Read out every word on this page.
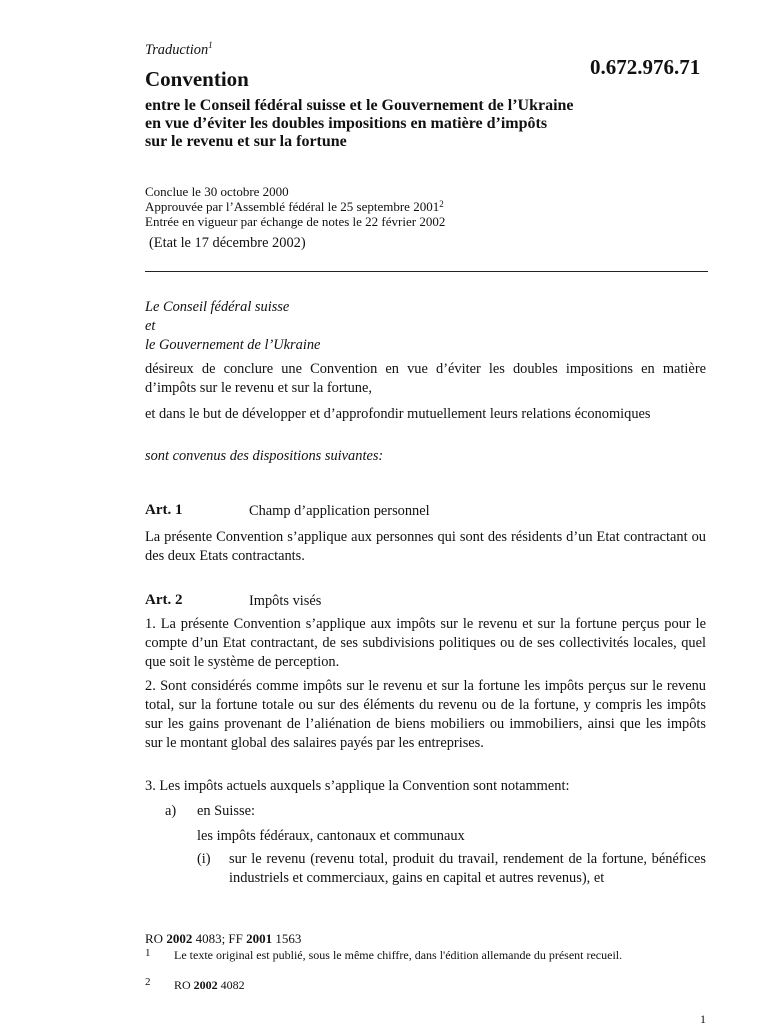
Traduction$^1$
0.672.976.71
Convention
entre le Conseil fédéral suisse et le Gouvernement de l’Ukraine
en vue d’éviter les doubles impositions en matière d’impôts
sur le revenu et sur la fortune
Conclue le 30 octobre 2000
Approuvée par l’Assemblé fédéral le 25 septembre 2001$^2$
Entrée en vigueur par échange de notes le 22 février 2002
(Etat le 17 décembre 2002)
Le Conseil fédéral suisse
et
le Gouvernement de l’Ukraine
désireux de conclure une Convention en vue d’éviter les doubles impositions en matière d’impôts sur le revenu et sur la fortune,
et dans le but de développer et d’approfondir mutuellement leurs relations économiques
sont convenus des dispositions suivantes:
Art. 1	Champ d’application personnel
La présente Convention s’applique aux personnes qui sont des résidents d’un Etat contractant ou des deux Etats contractants.
Art. 2	Impôts visés
1. La présente Convention s’applique aux impôts sur le revenu et sur la fortune perçus pour le compte d’un Etat contractant, de ses subdivisions politiques ou de ses collectivités locales, quel que soit le système de perception.
2. Sont considérés comme impôts sur le revenu et sur la fortune les impôts perçus sur le revenu total, sur la fortune totale ou sur des éléments du revenu ou de la fortune, y compris les impôts sur les gains provenant de l’aliénation de biens mobiliers ou immobiliers, ainsi que les impôts sur le montant global des salaires payés par les entreprises.
3. Les impôts actuels auxquels s’applique la Convention sont notamment:
a) en Suisse:
les impôts fédéraux, cantonaux et communaux
(i) sur le revenu (revenu total, produit du travail, rendement de la fortune, bénéfices industriels et commerciaux, gains en capital et autres revenus), et
RO 2002 4083; FF 2001 1563
1 Le texte original est publié, sous le même chiffre, dans l'édition allemande du présent recueil.
2 RO 2002 4082
1
